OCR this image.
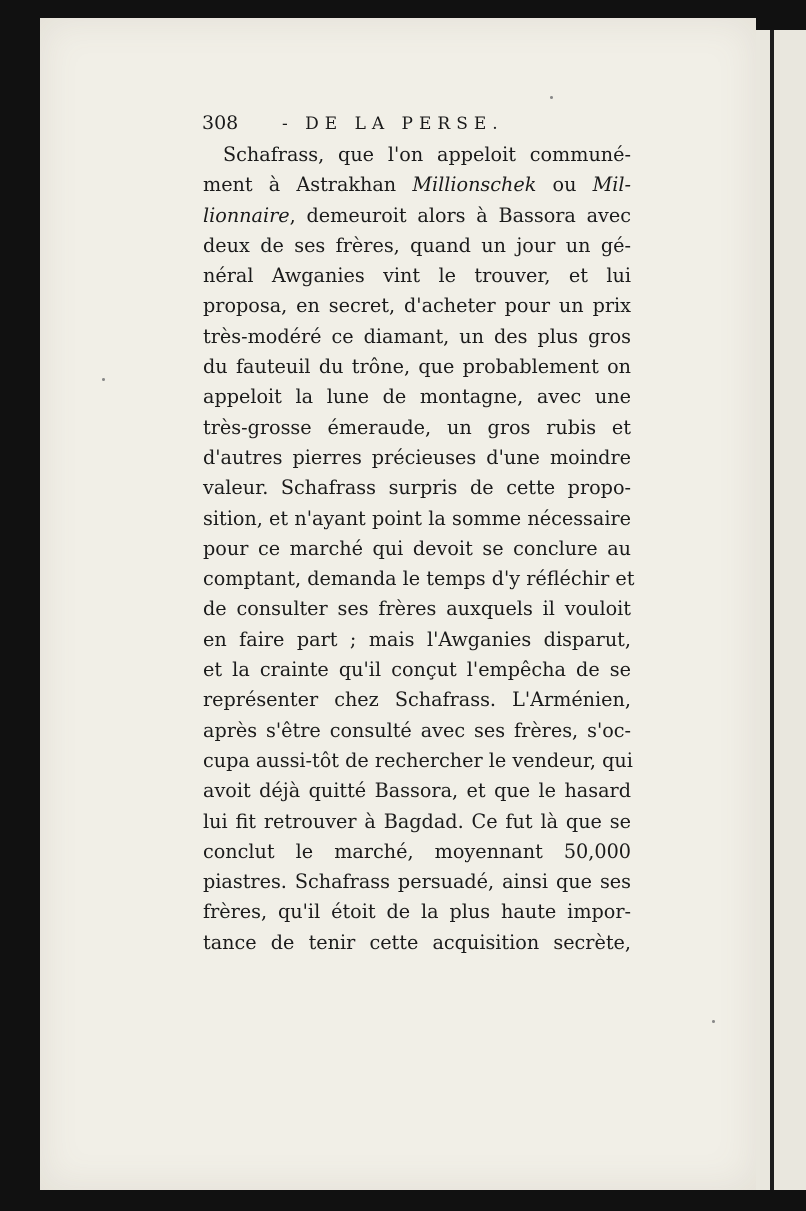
308	- DE LA PERSE.
Schafrass, que l'on appeloit communé-
ment à Astrakhan Millionschek ou Mil-
lionnaire, demeuroit alors à Bassora avec
deux de ses frères, quand un jour un gé-
néral Awganies vint le trouver, et lui
proposa, en secret, d'acheter pour un prix
très-modéré ce diamant, un des plus gros
du fauteuil du trône, que probablement on
appeloit la lune de montagne, avec une
très-grosse émeraude, un gros rubis et
d'autres pierres précieuses d'une moindre
valeur. Schafrass surpris de cette propo-
sition, et n'ayant point la somme nécessaire
pour ce marché qui devoit se conclure au
comptant, demanda le temps d'y réfléchir et
de consulter ses frères auxquels il vouloit
en faire part ; mais l'Awganies disparut,
et la crainte qu'il conçut l'empêcha de se
représenter chez Schafrass. L'Arménien,
après s'être consulté avec ses frères, s'oc-
cupa aussi-tôt de rechercher le vendeur, qui
avoit déjà quitté Bassora, et que le hasard
lui fit retrouver à Bagdad. Ce fut là que se
conclut le marché, moyennant 50,000
piastres. Schafrass persuadé, ainsi que ses
frères, qu'il étoit de la plus haute impor-
tance de tenir cette acquisition secrète,
